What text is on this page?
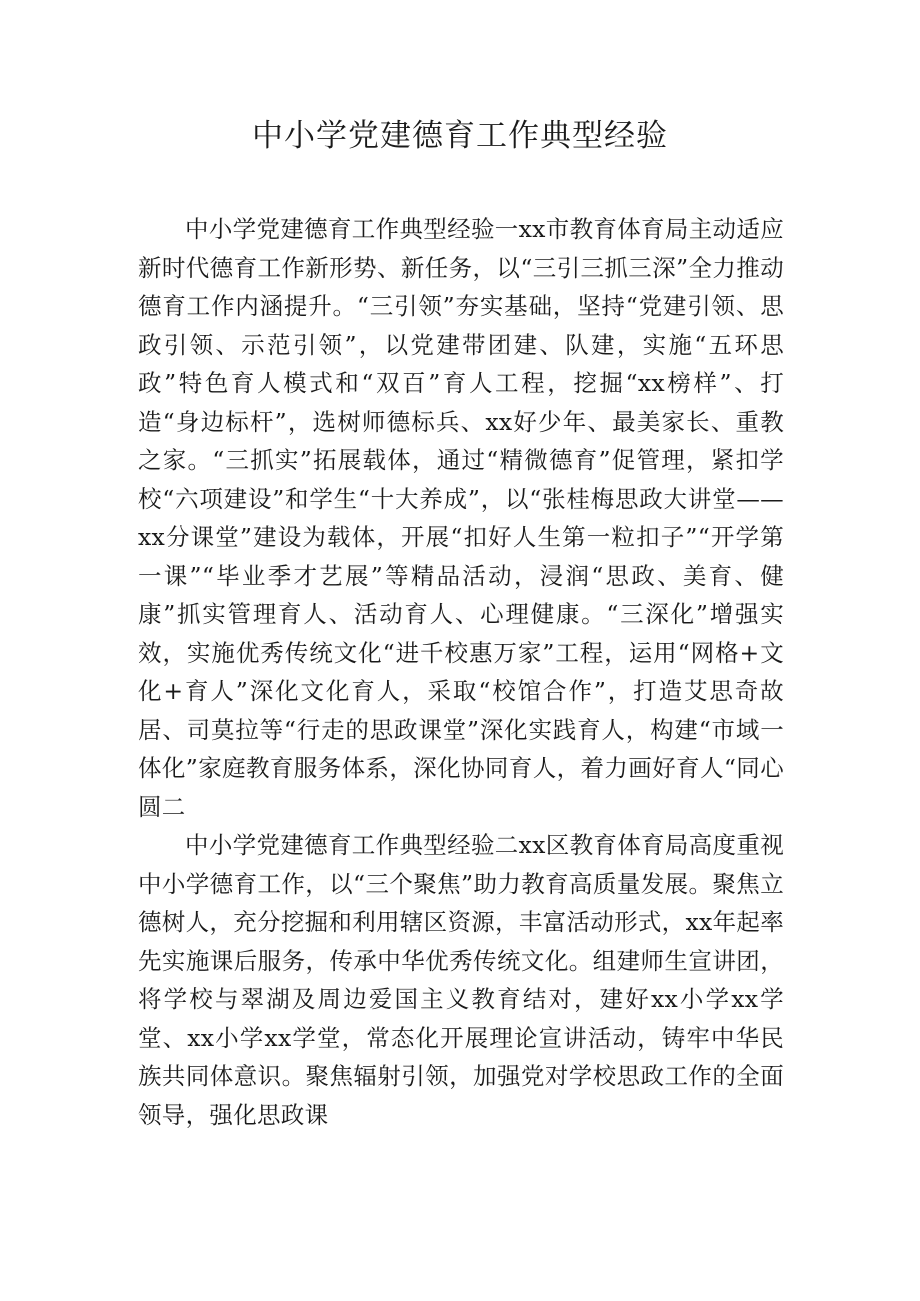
中小学党建德育工作典型经验

中小学党建德育工作典型经验一xx市教育体育局主动适应新时代德育工作新形势、新任务，以“三引三抓三深”全力推动德育工作内涵提升。“三引领”夯实基础，坚持“党建引领、思政引领、示范引领”，以党建带团建、队建，实施“五环思政”特色育人模式和“双百”育人工程，挖掘“xx榜样”、打造“身边标杆”，选树师德标兵、xx好少年、最美家长、重教之家。“三抓实”拓展载体，通过“精微德育”促管理，紧扣学校“六项建设”和学生“十大养成”，以“张桂梅思政大讲堂——xx分课堂”建设为载体，开展“扣好人生第一粒扣子”“开学第一课”“毕业季才艺展”等精品活动，浸润“思政、美育、健康”抓实管理育人、活动育人、心理健康。“三深化”增强实效，实施优秀传统文化“进千校惠万家”工程，运用“网格+文化+育人”深化文化育人，采取“校馆合作”，打造艾思奇故居、司莫拉等“行走的思政课堂”深化实践育人，构建“市域一体化”家庭教育服务体系，深化协同育人，着力画好育人“同心圆二

中小学党建德育工作典型经验二xx区教育体育局高度重视中小学德育工作，以“三个聚焦”助力教育高质量发展。聚焦立德树人，充分挖掘和利用辖区资源，丰富活动形式，xx年起率先实施课后服务，传承中华优秀传统文化。组建师生宣讲团，将学校与翠湖及周边爱国主义教育结对，建好xx小学xx学堂、xx小学xx学堂，常态化开展理论宣讲活动，铸牢中华民族共同体意识。聚焦辐射引领，加强党对学校思政工作的全面领导，强化思政课
